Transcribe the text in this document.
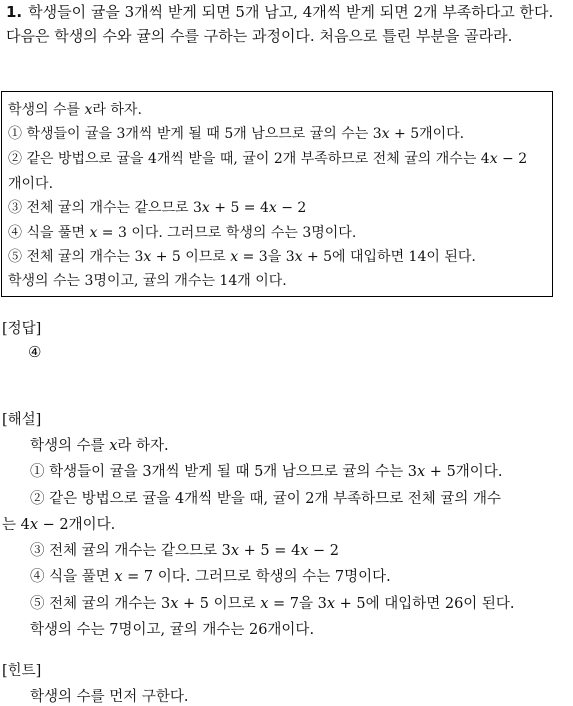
1. 학생들이 귤을 3개씩 받게 되면 5개 남고, 4개씩 받게 되면 2개 부족하다고 한다. 다음은 학생의 수와 귤의 수를 구하는 과정이다. 처음으로 틀린 부분을 골라라.
학생의 수를 𝑥라 하자.
① 학생들이 귤을 3개씩 받게 될 때 5개 남으므로 귤의 수는 3𝑥 + 5개이다.
② 같은 방법으로 귤을 4개씩 받을 때, 귤이 2개 부족하므로 전체 귤의 개수는 4𝑥 − 2
개이다.
③ 전체 귤의 개수는 같으므로 3𝑥 + 5 = 4𝑥 − 2
④ 식을 풀면 𝑥 = 3 이다. 그러므로 학생의 수는 3명이다.
⑤ 전체 귤의 개수는 3𝑥 + 5 이므로 𝑥 = 3을 3𝑥 + 5에 대입하면 14이 된다.
학생의 수는 3명이고, 귤의 개수는 14개 이다.
[정답]
④
[해설]
학생의 수를 𝑥라 하자.
① 학생들이 귤을 3개씩 받게 될 때 5개 남으므로 귤의 수는 3𝑥 + 5개이다.
② 같은 방법으로 귤을 4개씩 받을 때, 귤이 2개 부족하므로 전체 귤의 개수
는 4𝑥 − 2개이다.
③ 전체 귤의 개수는 같으므로 3𝑥 + 5 = 4𝑥 − 2
④ 식을 풀면 𝑥 = 7 이다. 그러므로 학생의 수는 7명이다.
⑤ 전체 귤의 개수는 3𝑥 + 5 이므로 𝑥 = 7을 3𝑥 + 5에 대입하면 26이 된다.
학생의 수는 7명이고, 귤의 개수는 26개이다.
[힌트]
학생의 수를 먼저 구한다.
